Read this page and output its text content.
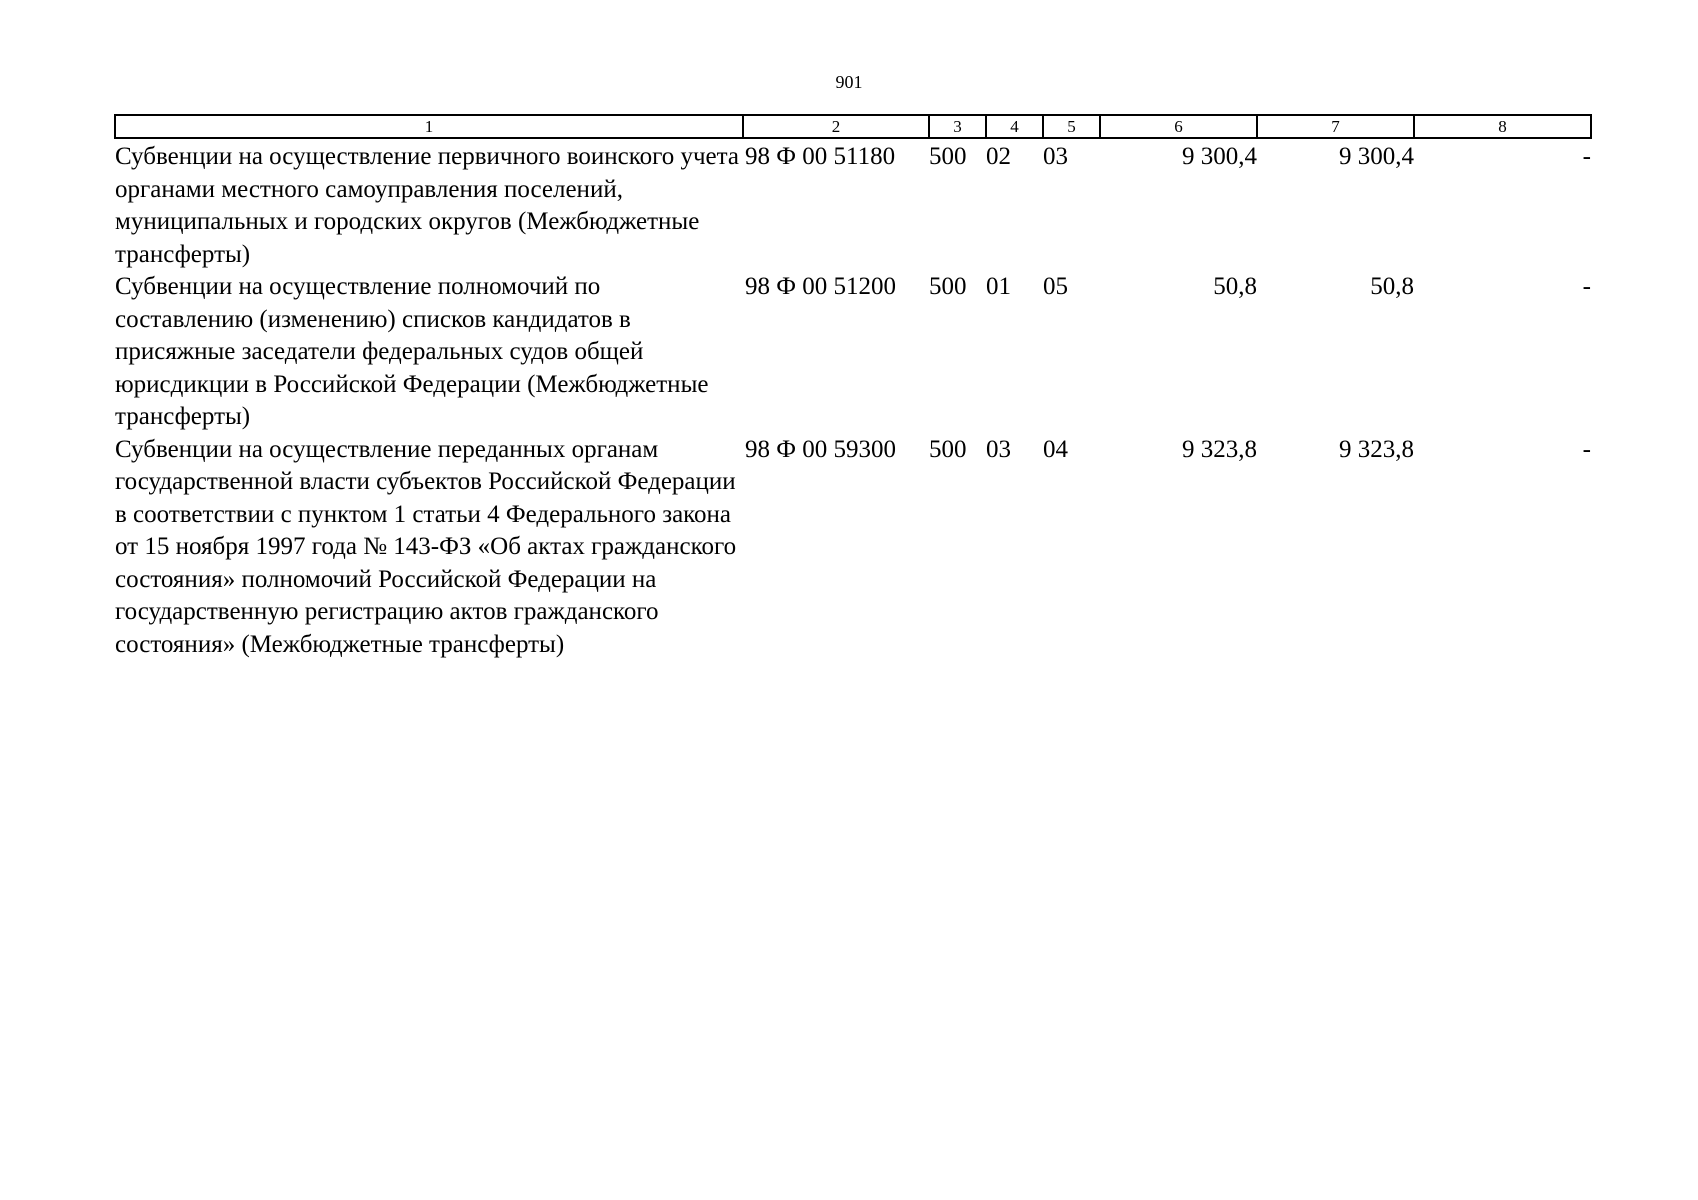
901
1	2	3	4	5	6	7	8
Субвенции на осуществление первичного воинского учета органами местного самоуправления поселений, муниципальных и городских округов (Межбюджетные трансферты)	98 Ф 00 51180	500	02	03	9 300,4	9 300,4	-
Субвенции на осуществление полномочий по составлению (изменению) списков кандидатов в присяжные заседатели федеральных судов общей юрисдикции в Российской Федерации (Межбюджетные трансферты)	98 Ф 00 51200	500	01	05	50,8	50,8	-
Субвенции на осуществление переданных органам государственной власти субъектов Российской Федерации в соответствии с пунктом 1 статьи 4 Федерального закона от 15 ноября 1997 года № 143-ФЗ «Об актах гражданского состояния» полномочий Российской Федерации на государственную регистрацию актов гражданского состояния» (Межбюджетные трансферты)	98 Ф 00 59300	500	03	04	9 323,8	9 323,8	-
